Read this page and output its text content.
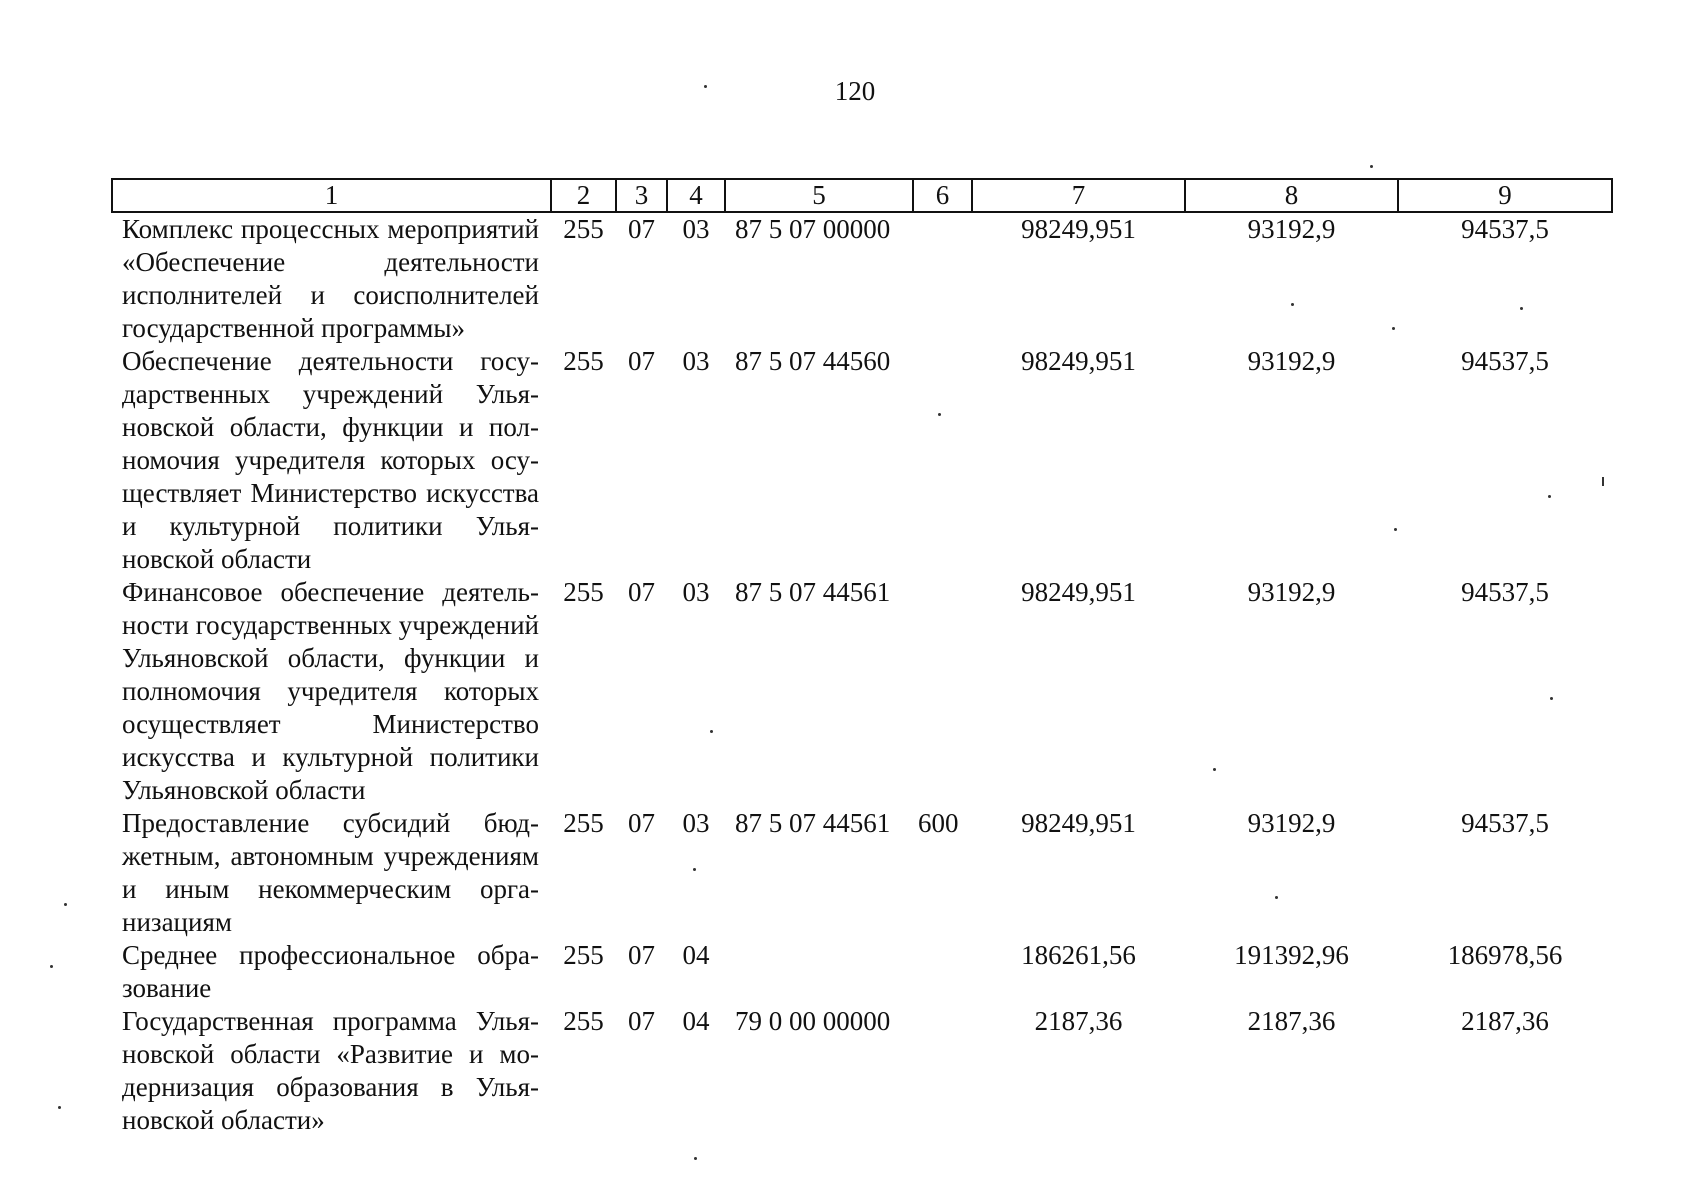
120
1	2	3	4	5	6	7	8	9
Комплекс процессных мероприятий «Обеспечение деятельности исполнителей и соисполнителей государственной программы»	255	07	03	87 5 07 00000		98249,951	93192,9	94537,5
Обеспечение деятельности государственных учреждений Ульяновской области, функции и полномочия учредителя которых осуществляет Министерство искусства и культурной политики Ульяновской области	255	07	03	87 5 07 44560		98249,951	93192,9	94537,5
Финансовое обеспечение деятельности государственных учреждений Ульяновской области, функции и полномочия учредителя которых осуществляет Министерство искусства и культурной политики Ульяновской области	255	07	03	87 5 07 44561		98249,951	93192,9	94537,5
Предоставление субсидий бюджетным, автономным учреждениям и иным некоммерческим организациям	255	07	03	87 5 07 44561	600	98249,951	93192,9	94537,5
Среднее профессиональное образование	255	07	04			186261,56	191392,96	186978,56
Государственная программа Ульяновской области «Развитие и модернизация образования в Ульяновской области»	255	07	04	79 0 00 00000		2187,36	2187,36	2187,36
